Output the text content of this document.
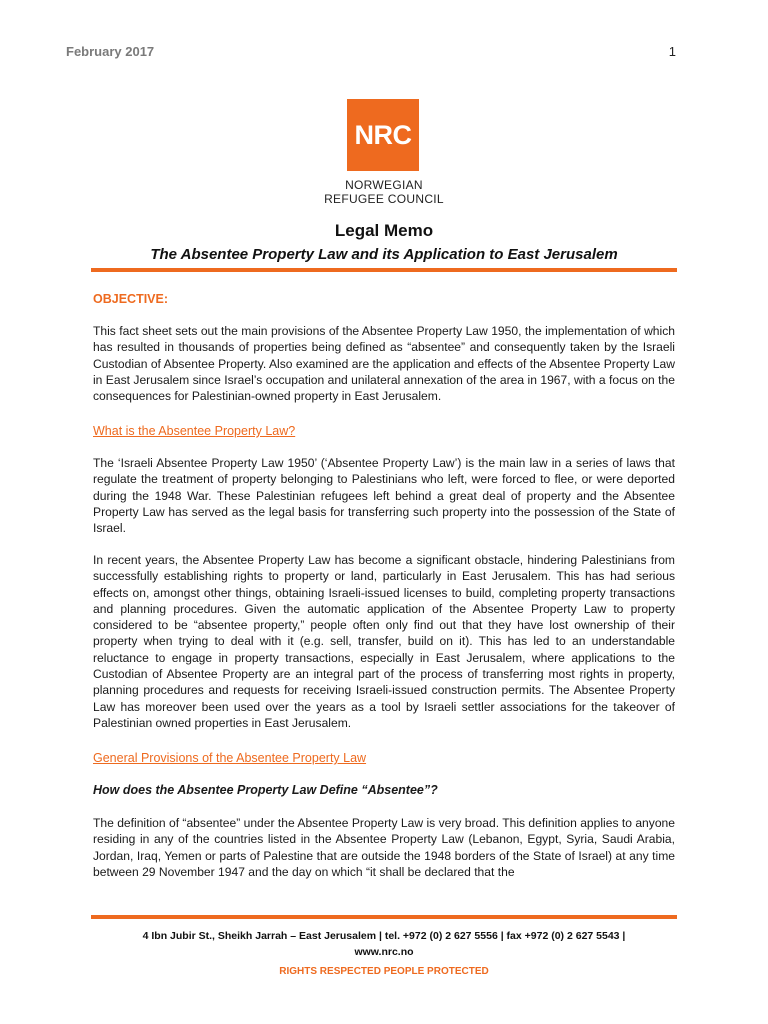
February 2017	1
NRC
NORWEGIAN
REFUGEE COUNCIL
Legal Memo
The Absentee Property Law and its Application to East Jerusalem
OBJECTIVE:

This fact sheet sets out the main provisions of the Absentee Property Law 1950, the implementation of which has resulted in thousands of properties being defined as “absentee” and consequently taken by the Israeli Custodian of Absentee Property. Also examined are the application and effects of the Absentee Property Law in East Jerusalem since Israel’s occupation and unilateral annexation of the area in 1967, with a focus on the consequences for Palestinian-owned property in East Jerusalem.

What is the Absentee Property Law?

The ‘Israeli Absentee Property Law 1950’ (‘Absentee Property Law’) is the main law in a series of laws that regulate the treatment of property belonging to Palestinians who left, were forced to flee, or were deported during the 1948 War. These Palestinian refugees left behind a great deal of property and the Absentee Property Law has served as the legal basis for transferring such property into the possession of the State of Israel.

In recent years, the Absentee Property Law has become a significant obstacle, hindering Palestinians from successfully establishing rights to property or land, particularly in East Jerusalem. This has had serious effects on, amongst other things, obtaining Israeli-issued licenses to build, completing property transactions and planning procedures. Given the automatic application of the Absentee Property Law to property considered to be “absentee property,” people often only find out that they have lost ownership of their property when trying to deal with it (e.g. sell, transfer, build on it). This has led to an understandable reluctance to engage in property transactions, especially in East Jerusalem, where applications to the Custodian of Absentee Property are an integral part of the process of transferring most rights in property, planning procedures and requests for receiving Israeli-issued construction permits. The Absentee Property Law has moreover been used over the years as a tool by Israeli settler associations for the takeover of Palestinian owned properties in East Jerusalem.

General Provisions of the Absentee Property Law
How does the Absentee Property Law Define “Absentee”?

The definition of “absentee” under the Absentee Property Law is very broad. This definition applies to anyone residing in any of the countries listed in the Absentee Property Law (Lebanon, Egypt, Syria, Saudi Arabia, Jordan, Iraq, Yemen or parts of Palestine that are outside the 1948 borders of the State of Israel) at any time between 29 November 1947 and the day on which “it shall be declared that the

4 Ibn Jubir St., Sheikh Jarrah – East Jerusalem | tel. +972 (0) 2 627 5556 | fax +972 (0) 2 627 5543 |
www.nrc.no
RIGHTS RESPECTED PEOPLE PROTECTED
